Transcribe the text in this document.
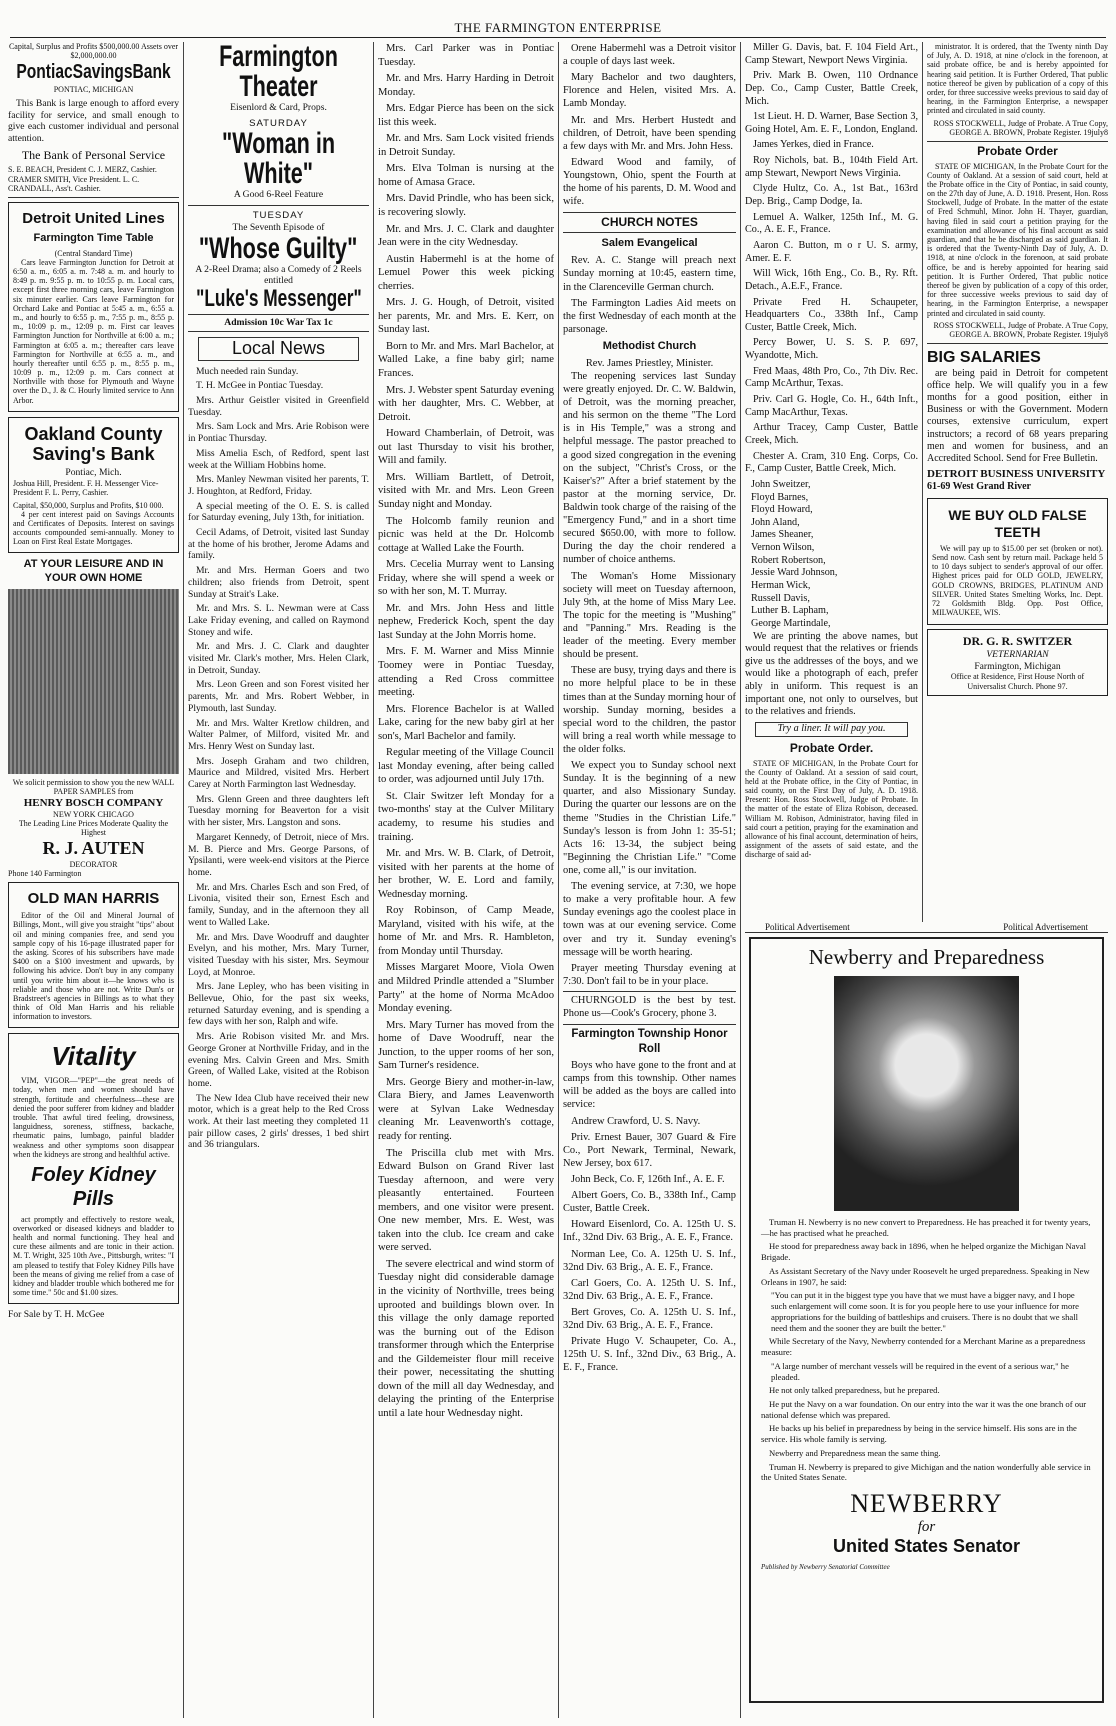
THE FARMINGTON ENTERPRISE
Capital, Surplus and Profits $500,000.00 Assets over $2,000,000.00
PontiacSavingsBank
PONTIAC, MICHIGAN

This Bank is large enough to afford every facility for service, and small enough to give each customer individual and personal attention.

The Bank of Personal Service
S. E. BEACH, President C. J. MERZ, Cashier. CRAMER SMITH, Vice President. L. C. CRANDALL, Ass't. Cashier.
Detroit United Lines
Farmington Time Table
(Central Standard Time)

Cars leave Farmington Junction for Detroit at 6:50 a. m., 6:05 a. m. 7:48 a. m. and hourly to 8:49 p. m. 9:55 p. m. to 10:55 p. m. Local cars, except first three morning cars, leave Farmington six minuter earlier. Cars leave Farmington for Orchard Lake and Pontiac at 5:45 a. m., 6:55 a. m., and hourly to 6:55 p. m., 7:55 p. m., 8:55 p. m., 10:09 p. m., 12:09 p. m. First car leaves Farmington Junction for Northville at 6:00 a. m.; Farmington at 6:05 a. m.; thereafter cars leave Farmington for Northville at 6:55 a. m., and hourly thereafter until 6:55 p. m., 8:55 p. m., 10:09 p. m., 12:09 p. m. Cars connect at Northville with those for Plymouth and Wayne over the D., J. & C. Hourly limited service to Ann Arbor.

Oakland County Saving's Bank
Pontiac, Mich.
Joshua Hill, President. F. H. Messenger Vice-President F. L. Perry, Cashier.
Capital, $50,000, Surplus and Profits, $10 000.

4 per cent interest paid on Savings Accounts and Certificates of Deposits. Interest on savings accounts compounded semi-annually. Money to Loan on First Real Estate Mortgages.

AT YOUR LEISURE AND IN YOUR OWN HOME
We solicit permission to show you the new WALL PAPER SAMPLES from
HENRY BOSCH COMPANY
NEW YORK CHICAGO
The Leading Line Prices Moderate Quality the Highest
R. J. AUTEN
DECORATOR
Phone 140 Farmington
OLD MAN HARRIS

Editor of the Oil and Mineral Journal of Billings, Mont., will give you straight "tips" about oil and mining companies free, and send you sample copy of his 16-page illustrated paper for the asking. Scores of his subscribers have made $400 on a $100 investment and upwards, by following his advice. Don't buy in any company until you write him about it—he knows who is reliable and those who are not. Write Dun's or Bradstreet's agencies in Billings as to what they think of Old Man Harris and his reliable information to investors.

Vitality

VIM, VIGOR—"PEP"—the great needs of today, when men and women should have strength, fortitude and cheerfulness—these are denied the poor sufferer from kidney and bladder trouble. That awful tired feeling, drowsiness, languidness, soreness, stiffness, backache, rheumatic pains, lumbago, painful bladder weakness and other symptoms soon disappear when the kidneys are strong and healthful active.

Foley Kidney Pills

act promptly and effectively to restore weak, overworked or diseased kidneys and bladder to health and normal functioning. They heal and cure these ailments and are tonic in their action. M. T. Wright, 325 10th Ave., Pittsburgh, writes: "I am pleased to testify that Foley Kidney Pills have been the means of giving me relief from a case of kidney and bladder trouble which bothered me for some time." 50c and $1.00 sizes.

For Sale by T. H. McGee
Farmington Theater
Eisenlord & Card, Props.
SATURDAY
"Woman in White"
A Good 6-Reel Feature
TUESDAY
The Seventh Episode of
"Whose Guilty"
A 2-Reel Drama; also a Comedy of 2 Reels entitled
"Luke's Messenger"
Admission 10c War Tax 1c
Local News

Much needed rain Sunday.

T. H. McGee in Pontiac Tuesday.

Mrs. Arthur Geistler visited in Greenfield Tuesday.

Mrs. Sam Lock and Mrs. Arie Robison were in Pontiac Thursday.

Miss Amelia Esch, of Redford, spent last week at the William Hobbins home.

Mrs. Manley Newman visited her parents, T. J. Houghton, at Redford, Friday.

A special meeting of the O. E. S. is called for Saturday evening, July 13th, for initiation.

Cecil Adams, of Detroit, visited last Sunday at the home of his brother, Jerome Adams and family.

Mr. and Mrs. Herman Goers and two children; also friends from Detroit, spent Sunday at Strait's Lake.

Mr. and Mrs. S. L. Newman were at Cass Lake Friday evening, and called on Raymond Stoney and wife.

Mr. and Mrs. J. C. Clark and daughter visited Mr. Clark's mother, Mrs. Helen Clark, in Detroit, Sunday.

Mrs. Leon Green and son Forest visited her parents, Mr. and Mrs. Robert Webber, in Plymouth, last Sunday.

Mr. and Mrs. Walter Kretlow children, and Walter Palmer, of Milford, visited Mr. and Mrs. Henry West on Sunday last.

Mrs. Joseph Graham and two children, Maurice and Mildred, visited Mrs. Herbert Carey at North Farmington last Wednesday.

Mrs. Glenn Green and three daughters left Tuesday morning for Beaverton for a visit with her sister, Mrs. Langston and sons.

Margaret Kennedy, of Detroit, niece of Mrs. M. B. Pierce and Mrs. George Parsons, of Ypsilanti, were week-end visitors at the Pierce home.

Mr. and Mrs. Charles Esch and son Fred, of Livonia, visited their son, Ernest Esch and family, Sunday, and in the afternoon they all went to Walled Lake.

Mr. and Mrs. Dave Woodruff and daughter Evelyn, and his mother, Mrs. Mary Turner, visited Tuesday with his sister, Mrs. Seymour Loyd, at Monroe.

Mrs. Jane Lepley, who has been visiting in Bellevue, Ohio, for the past six weeks, returned Saturday evening, and is spending a few days with her son, Ralph and wife.

Mrs. Arie Robison visited Mr. and Mrs. George Groner at Northville Friday, and in the evening Mrs. Calvin Green and Mrs. Smith Green, of Walled Lake, visited at the Robison home.

The New Idea Club have received their new motor, which is a great help to the Red Cross work. At their last meeting they completed 11 pair pillow cases, 2 girls' dresses, 1 bed shirt and 36 triangulars.

Mrs. Carl Parker was in Pontiac Tuesday.

Mr. and Mrs. Harry Harding in Detroit Monday.

Mrs. Edgar Pierce has been on the sick list this week.

Mr. and Mrs. Sam Lock visited friends in Detroit Sunday.

Mrs. Elva Tolman is nursing at the home of Amasa Grace.

Mrs. David Prindle, who has been sick, is recovering slowly.

Mr. and Mrs. J. C. Clark and daughter Jean were in the city Wednesday.

Austin Habermehl is at the home of Lemuel Power this week picking cherries.

Mrs. J. G. Hough, of Detroit, visited her parents, Mr. and Mrs. E. Kerr, on Sunday last.

Born to Mr. and Mrs. Marl Bachelor, at Walled Lake, a fine baby girl; name Frances.

Mrs. J. Webster spent Saturday evening with her daughter, Mrs. C. Webber, at Detroit.

Howard Chamberlain, of Detroit, was out last Thursday to visit his brother, Will and family.

Mrs. William Bartlett, of Detroit, visited with Mr. and Mrs. Leon Green Sunday night and Monday.

The Holcomb family reunion and picnic was held at the Dr. Holcomb cottage at Walled Lake the Fourth.

Mrs. Cecelia Murray went to Lansing Friday, where she will spend a week or so with her son, M. T. Murray.

Mr. and Mrs. John Hess and little nephew, Frederick Koch, spent the day last Sunday at the John Morris home.

Mrs. F. M. Warner and Miss Minnie Toomey were in Pontiac Tuesday, attending a Red Cross committee meeting.

Mrs. Florence Bachelor is at Walled Lake, caring for the new baby girl at her son's, Marl Bachelor and family.

Regular meeting of the Village Council last Monday evening, after being called to order, was adjourned until July 17th.

St. Clair Switzer left Monday for a two-months' stay at the Culver Military academy, to resume his studies and training.

Mr. and Mrs. W. B. Clark, of Detroit, visited with her parents at the home of her brother, W. E. Lord and family, Wednesday morning.

Roy Robinson, of Camp Meade, Maryland, visited with his wife, at the home of Mr. and Mrs. R. Hambleton, from Monday until Thursday.

Misses Margaret Moore, Viola Owen and Mildred Prindle attended a "Slumber Party" at the home of Norma McAdoo Monday evening.

Mrs. Mary Turner has moved from the home of Dave Woodruff, near the Junction, to the upper rooms of her son, Sam Turner's residence.

Mrs. George Biery and mother-in-law, Clara Biery, and James Leavenworth were at Sylvan Lake Wednesday cleaning Mr. Leavenworth's cottage, ready for renting.

The Priscilla club met with Mrs. Edward Bulson on Grand River last Tuesday afternoon, and were very pleasantly entertained. Fourteen members, and one visitor were present. One new member, Mrs. E. West, was taken into the club. Ice cream and cake were served.

The severe electrical and wind storm of Tuesday night did considerable damage in the vicinity of Northville, trees being uprooted and buildings blown over. In this village the only damage reported was the burning out of the Edison transformer through which the Enterprise and the Gildemeister flour mill receive their power, necessitating the shutting down of the mill all day Wednesday, and delaying the printing of the Enterprise until a late hour Wednesday night.

Orene Habermehl was a Detroit visitor a couple of days last week.

Mary Bachelor and two daughters, Florence and Helen, visited Mrs. A. Lamb Monday.

Mr. and Mrs. Herbert Hustedt and children, of Detroit, have been spending a few days with Mr. and Mrs. John Hess.

Edward Wood and family, of Youngstown, Ohio, spent the Fourth at the home of his parents, D. M. Wood and wife.

CHURCH NOTES
Salem Evangelical

Rev. A. C. Stange will preach next Sunday morning at 10:45, eastern time, in the Clarenceville German church.

The Farmington Ladies Aid meets on the first Wednesday of each month at the parsonage.

Methodist Church
Rev. James Priestley, Minister.

The reopening services last Sunday were greatly enjoyed. Dr. C. W. Baldwin, of Detroit, was the morning preacher, and his sermon on the theme "The Lord is in His Temple," was a strong and helpful message. The pastor preached to a good sized congregation in the evening on the subject, "Christ's Cross, or the Kaiser's?" After a brief statement by the pastor at the morning service, Dr. Baldwin took charge of the raising of the "Emergency Fund," and in a short time secured $650.00, with more to follow. During the day the choir rendered a number of choice anthems.

The Woman's Home Missionary society will meet on Tuesday afternoon, July 9th, at the home of Miss Mary Lee. The topic for the meeting is "Mushing" and "Panning." Mrs. Reading is the leader of the meeting. Every member should be present.

These are busy, trying days and there is no more helpful place to be in these times than at the Sunday morning hour of worship. Sunday morning, besides a special word to the children, the pastor will bring a real worth while message to the older folks.

We expect you to Sunday school next Sunday. It is the beginning of a new quarter, and also Missionary Sunday. During the quarter our lessons are on the theme "Studies in the Christian Life." Sunday's lesson is from John 1: 35-51; Acts 16: 13-34, the subject being "Beginning the Christian Life." "Come one, come all," is our invitation.

The evening service, at 7:30, we hope to make a very profitable hour. A few Sunday evenings ago the coolest place in town was at our evening service. Come over and try it. Sunday evening's message will be worth hearing.

Prayer meeting Thursday evening at 7:30. Don't fail to be in your place.

CHURNGOLD is the best by test. Phone us—Cook's Grocery, phone 3.

Farmington Township Honor Roll

Boys who have gone to the front and at camps from this township. Other names will be added as the boys are called into service:

Andrew Crawford, U. S. Navy.

Priv. Ernest Bauer, 307 Guard & Fire Co., Port Newark, Terminal, Newark, New Jersey, box 617.

John Beck, Co. F, 126th Inf., A. E. F.

Albert Goers, Co. B., 338th Inf., Camp Custer, Battle Creek.

Howard Eisenlord, Co. A. 125th U. S. Inf., 32nd Div. 63 Brig., A. E. F., France.

Norman Lee, Co. A. 125th U. S. Inf., 32nd Div. 63 Brig., A. E. F., France.

Carl Goers, Co. A. 125th U. S. Inf., 32nd Div. 63 Brig., A. E. F., France.

Bert Groves, Co. A. 125th U. S. Inf., 32nd Div. 63 Brig., A. E. F., France.

Private Hugo V. Schaupeter, Co. A., 125th U. S. Inf., 32nd Div., 63 Brig., A. E. F., France.

Miller G. Davis, bat. F. 104 Field Art., Camp Stewart, Newport News Virginia.

Priv. Mark B. Owen, 110 Ordnance Dep. Co., Camp Custer, Battle Creek, Mich.

1st Lieut. H. D. Warner, Base Section 3, Going Hotel, Am. E. F., London, England.

James Yerkes, died in France.

Roy Nichols, bat. B., 104th Field Art. amp Stewart, Newport News Virginia.

Clyde Hultz, Co. A., 1st Bat., 163rd Dep. Brig., Camp Dodge, Ia.

Lemuel A. Walker, 125th Inf., M. G. Co., A. E. F., France.

Aaron C. Button, m o r U. S. army, Amer. E. F.

Will Wick, 16th Eng., Co. B., Ry. Rft. Detach., A.E.F., France.

Private Fred H. Schaupeter, Headquarters Co., 338th Inf., Camp Custer, Battle Creek, Mich.

Percy Bower, U. S. S. P. 697, Wyandotte, Mich.

Fred Maas, 48th Pro, Co., 7th Div. Rec. Camp McArthur, Texas.

Priv. Carl G. Hogle, Co. H., 64th Inft., Camp MacArthur, Texas.

Arthur Tracey, Camp Custer, Battle Creek, Mich.

Chester A. Cram, 310 Eng. Corps, Co. F., Camp Custer, Battle Creek, Mich.

John Sweitzer,
Floyd Barnes,
Floyd Howard,
John Aland,
James Sheaner,
Vernon Wilson,
Robert Robertson,
Jessie Ward Johnson,
Herman Wick,
Russell Davis,
Luther B. Lapham,
George Martindale,

We are printing the above names, but would request that the relatives or friends give us the addresses of the boys, and we would like a photograph of each, prefer ably in uniform. This request is an important one, not only to ourselves, but to the relatives and friends.

Try a liner. It will pay you.
Probate Order.

STATE OF MICHIGAN, In the Probate Court for the County of Oakland. At a session of said court, held at the Probate office, in the City of Pontiac, in said county, on the First Day of July, A. D. 1918. Present: Hon. Ross Stockwell, Judge of Probate. In the matter of the estate of Eliza Robison, deceased. William M. Robison, Administrator, having filed in said court a petition, praying for the examination and allowance of his final account, determination of heirs, assignment of the assets of said estate, and the discharge of said ad-

ministrator. It is ordered, that the Twenty ninth Day of July, A. D. 1918, at nine o'clock in the forenoon, at said probate office, be and is hereby appointed for hearing said petition. It is Further Ordered, That public notice thereof be given by publication of a copy of this order, for three successive weeks previous to said day of hearing, in the Farmington Enterprise, a newspaper printed and circulated in said county.

ROSS STOCKWELL, Judge of Probate. A True Copy, GEORGE A. BROWN, Probate Register. 19july8
Probate Order

STATE OF MICHIGAN, In the Probate Court for the County of Oakland. At a session of said court, held at the Probate office in the City of Pontiac, in said county, on the 27th day of June, A. D. 1918. Present, Hon. Ross Stockwell, Judge of Probate. In the matter of the estate of Fred Schmuhl, Minor. John H. Thayer, guardian, having filed in said court a petition praying for the examination and allowance of his final account as said guardian, and that he be discharged as said guardian. It is ordered that the Twenty-Ninth Day of July, A. D. 1918, at nine o'clock in the forenoon, at said probate office, be and is hereby appointed for hearing said petition. It is Further Ordered, That public notice thereof be given by publication of a copy of this order, for three successive weeks previous to said day of hearing, in the Farmington Enterprise, a newspaper printed and circulated in said county.

ROSS STOCKWELL, Judge of Probate. A True Copy, GEORGE A. BROWN, Probate Register. 19july8
BIG SALARIES

are being paid in Detroit for competent office help. We will qualify you in a few months for a good position, either in Business or with the Government. Modern courses, extensive curriculum, expert instructors; a record of 68 years preparing men and women for business, and an Accredited School. Send for Free Bulletin.

DETROIT BUSINESS UNIVERSITY
61-69 West Grand River
WE BUY OLD FALSE TEETH

We will pay up to $15.00 per set (broken or not). Send now. Cash sent by return mail. Package held 5 to 10 days subject to sender's approval of our offer. Highest prices paid for OLD GOLD, JEWELRY, GOLD CROWNS, BRIDGES, PLATINUM AND SILVER. United States Smelting Works, Inc. Dept. 72 Goldsmith Bldg. Opp. Post Office, MILWAUKEE, WIS.

DR. G. R. SWITZER
VETERNARIAN
Farmington, Michigan
Office at Residence, First House North of Universalist Church. Phone 97.
Political Advertisement	Political Advertisement
Newberry and Preparedness

Truman H. Newberry is no new convert to Preparedness. He has preached it for twenty years,—he has practised what he preached.

He stood for preparedness away back in 1896, when he helped organize the Michigan Naval Brigade.

As Assistant Secretary of the Navy under Roosevelt he urged preparedness. Speaking in New Orleans in 1907, he said:

"You can put it in the biggest type you have that we must have a bigger navy, and I hope such enlargement will come soon. It is for you people here to use your influence for more appropriations for the building of battleships and cruisers. There is no doubt that we shall need them and the sooner they are built the better."

While Secretary of the Navy, Newberry contended for a Merchant Marine as a preparedness measure:

"A large number of merchant vessels will be required in the event of a serious war," he pleaded.

He not only talked preparedness, but he prepared.

He put the Navy on a war foundation. On our entry into the war it was the one branch of our national defense which was prepared.

He backs up his belief in preparedness by being in the service himself. His sons are in the service. His whole family is serving.

Newberry and Preparedness mean the same thing.

Truman H. Newberry is prepared to give Michigan and the nation wonderfully able service in the United States Senate.

NEWBERRY
for
United States Senator
Published by Newberry Senatorial Committee
